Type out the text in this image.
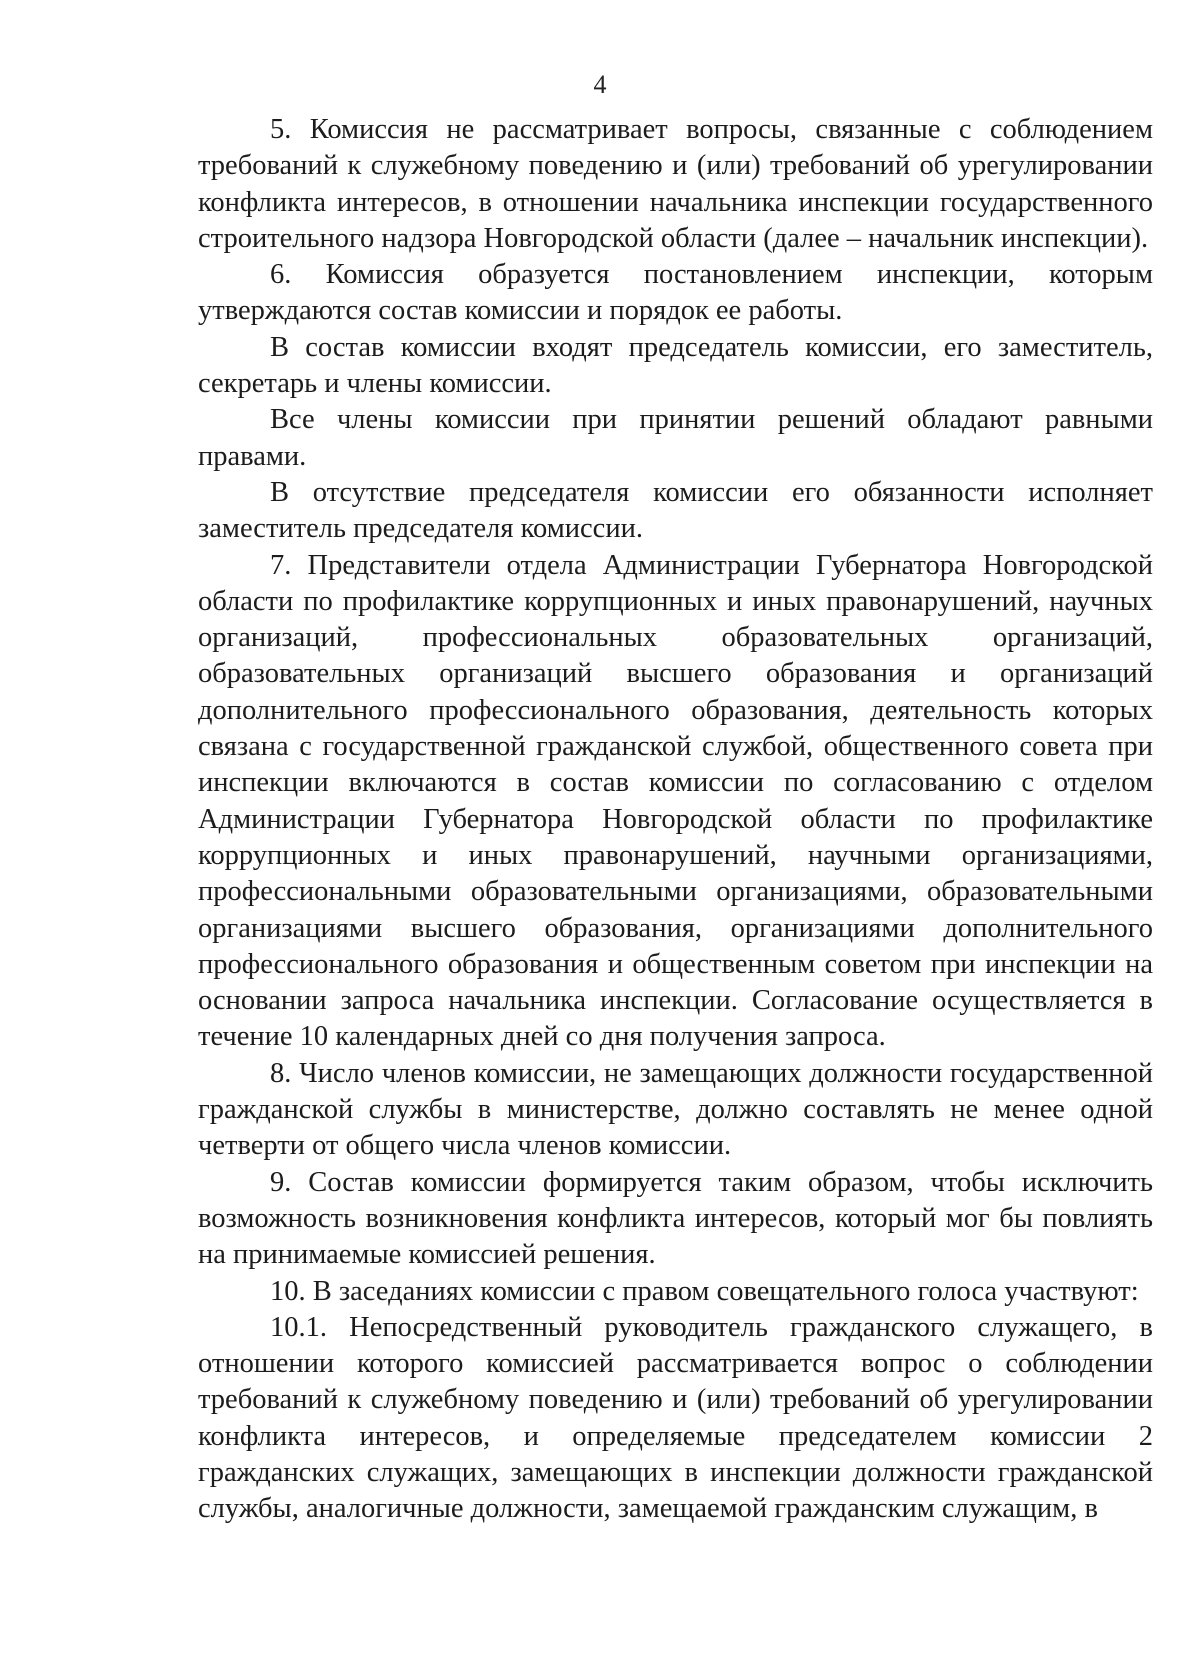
4

5. Комиссия не рассматривает вопросы, связанные с соблюдением требований к служебному поведению и (или) требований об урегулировании конфликта интересов, в отношении начальника инспекции государственного строительного надзора Новгородской области (далее – начальник инспекции).

6. Комиссия образуется постановлением инспекции, которым утверждаются состав комиссии и порядок ее работы.

В состав комиссии входят председатель комиссии, его заместитель, секретарь и члены комиссии.

Все члены комиссии при принятии решений обладают равными правами.

В отсутствие председателя комиссии его обязанности исполняет заместитель председателя комиссии.

7. Представители отдела Администрации Губернатора Новгородской области по профилактике коррупционных и иных правонарушений, научных организаций, профессиональных образовательных организаций, образовательных организаций высшего образования и организаций дополнительного профессионального образования, деятельность которых связана с государственной гражданской службой, общественного совета при инспекции включаются в состав комиссии по согласованию с отделом Администрации Губернатора Новгородской области по профилактике коррупционных и иных правонарушений, научными организациями, профессиональными образовательными организациями, образовательными организациями высшего образования, организациями дополнительного профессионального образования и общественным советом при инспекции на основании запроса начальника инспекции. Согласование осуществляется в течение 10 календарных дней со дня получения запроса.

8. Число членов комиссии, не замещающих должности государственной гражданской службы в министерстве, должно составлять не менее одной четверти от общего числа членов комиссии.

9. Состав комиссии формируется таким образом, чтобы исключить возможность возникновения конфликта интересов, который мог бы повлиять на принимаемые комиссией решения.

10. В заседаниях комиссии с правом совещательного голоса участвуют:

10.1. Непосредственный руководитель гражданского служащего, в отношении которого комиссией рассматривается вопрос о соблюдении требований к служебному поведению и (или) требований об урегулировании конфликта интересов, и определяемые председателем комиссии 2 гражданских служащих, замещающих в инспекции должности гражданской службы, аналогичные должности, замещаемой гражданским служащим, в
